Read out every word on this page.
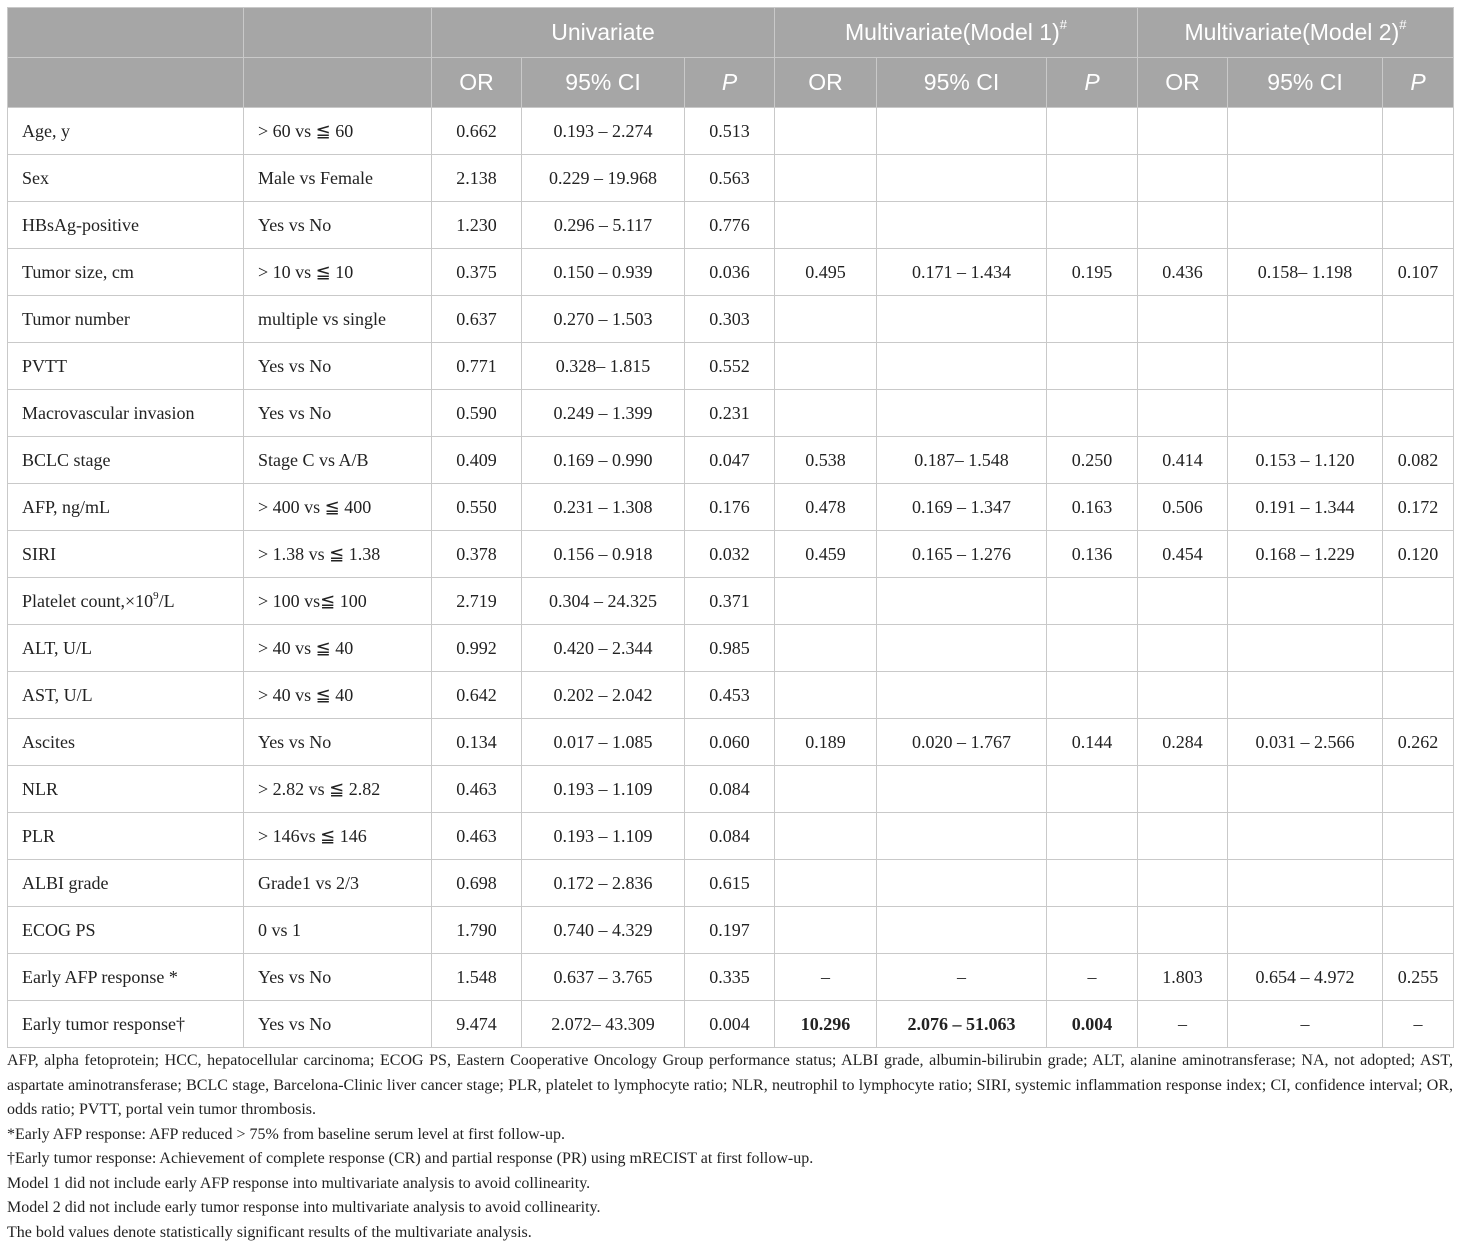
		Univariate			Multivariate(Model 1)#			Multivariate(Model 2)#
		OR	95% CI	P	OR	95% CI	P	OR	95% CI	P
Age, y	> 60 vs ≦ 60	0.662	0.193 – 2.274	0.513						
Sex	Male vs Female	2.138	0.229 – 19.968	0.563						
HBsAg-positive	Yes vs No	1.230	0.296 – 5.117	0.776						
Tumor size, cm	> 10 vs ≦ 10	0.375	0.150 – 0.939	0.036	0.495	0.171 – 1.434	0.195	0.436	0.158– 1.198	0.107
Tumor number	multiple vs single	0.637	0.270 – 1.503	0.303						
PVTT	Yes vs No	0.771	0.328– 1.815	0.552						
Macrovascular invasion	Yes vs No	0.590	0.249 – 1.399	0.231						
BCLC stage	Stage C vs A/B	0.409	0.169 – 0.990	0.047	0.538	0.187– 1.548	0.250	0.414	0.153 – 1.120	0.082
AFP, ng/mL	> 400 vs ≦ 400	0.550	0.231 – 1.308	0.176	0.478	0.169 – 1.347	0.163	0.506	0.191 – 1.344	0.172
SIRI	> 1.38 vs ≦ 1.38	0.378	0.156 – 0.918	0.032	0.459	0.165 – 1.276	0.136	0.454	0.168 – 1.229	0.120
Platelet $count,\times 10^9/L$	> 100 vs≦ 100	2.719	0.304 – 24.325	0.371						
ALT, U/L	> 40 vs ≦ 40	0.992	0.420 – 2.344	0.985						
AST, U/L	> 40 vs ≦ 40	0.642	0.202 – 2.042	0.453						
Ascites	Yes vs No	0.134	0.017 – 1.085	0.060	0.189	0.020 – 1.767	0.144	0.284	0.031 – 2.566	0.262
NLR	> 2.82 vs ≦ 2.82	0.463	0.193 – 1.109	0.084						
PLR	> 146vs ≦ 146	0.463	0.193 – 1.109	0.084						
ALBI grade	Grade1 vs 2/3	0.698	0.172 – 2.836	0.615						
ECOG PS	0 vs 1	1.790	0.740 – 4.329	0.197						
Early AFP response *	Yes vs No	1.548	0.637 – 3.765	0.335	–	–	–	1.803	0.654 – 4.972	0.255
Early tumor response†	Yes vs No	9.474	2.072– 43.309	0.004	10.296	2.076 – 51.063	0.004	–	–	–

AFP, alpha fetoprotein; HCC, hepatocellular carcinoma; ECOG PS, Eastern Cooperative Oncology Group performance status; ALBI grade, albumin-bilirubin grade; ALT, alanine aminotransferase; NA, not adopted; AST, aspartate aminotransferase; BCLC stage, Barcelona-Clinic liver cancer stage; PLR, platelet to lymphocyte ratio; NLR, neutrophil to lymphocyte ratio; SIRI, systemic inflammation response index; CI, confidence interval; OR, odds ratio; PVTT, portal vein tumor thrombosis.

*Early AFP response: AFP reduced > 75% from baseline serum level at first follow-up.

†Early tumor response: Achievement of complete response (CR) and partial response (PR) using mRECIST at first follow-up.

Model 1 did not include early AFP response into multivariate analysis to avoid collinearity.

Model 2 did not include early tumor response into multivariate analysis to avoid collinearity.

The bold values denote statistically significant results of the multivariate analysis.
